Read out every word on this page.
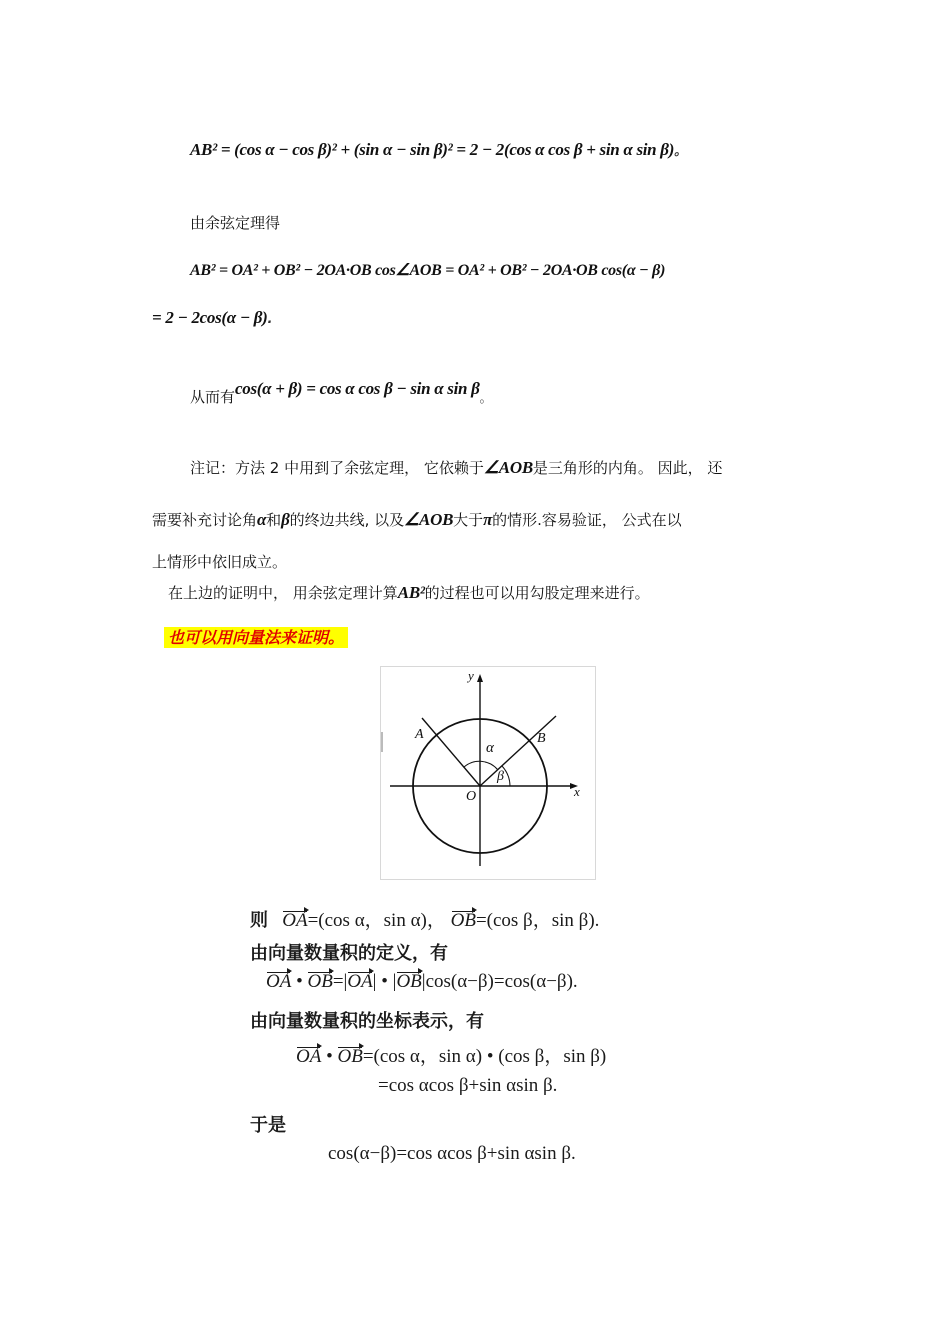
AB² = (cos α − cos β)² + (sin α − sin β)² = 2 − 2(cos α cos β + sin α sin β)。
由余弦定理得
AB² = OA² + OB² − 2OA·OB cos∠AOB = OA² + OB² − 2OA·OB cos(α − β)
= 2 − 2cos(α − β).
从而有cos(α + β) = cos α cos β − sin α $\sin \beta_。$
注记：方法 2 中用到了余弦定理， 它依赖于∠AOB是三角形的内角。 因此， 还
需要补充讨论角α和β的终边共线, 以及∠AOB大于π的情形.容易验证， 公式在以
上情形中依旧成立。
在上边的证明中， 用余弦定理计算AB²的过程也可以用勾股定理来进行。
也可以用向量法来证明。
y
x
O
A	B
α
β
则 OA=(cos α，sin α)， OB=(cos β，sin β).
由向量数量积的定义，有
OA • OB=|OA| • |OB|cos(α−β)=cos(α−β).
由向量数量积的坐标表示，有
OA • OB=(cos α，sin α) • (cos β，sin β)
=cos αcos β+sin αsin β.
于是
cos(α−β)=cos αcos β+sin αsin β.
